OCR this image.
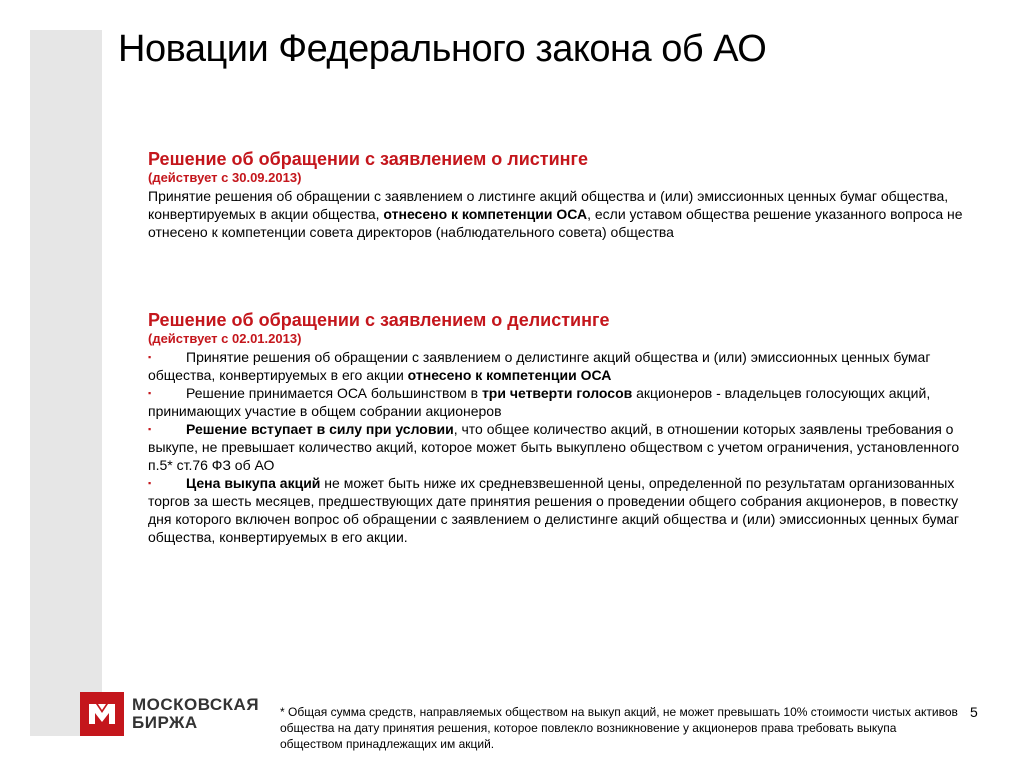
Новации Федерального закона об АО

Решение об обращении с заявлением о листинге

(действует с 30.09.2013)

Принятие решения об обращении с заявлением о листинге акций общества и (или) эмиссионных ценных бумаг общества, конвертируемых в акции общества, отнесено к компетенции ОСА, если уставом общества решение указанного вопроса не отнесено к компетенции совета директоров (наблюдательного совета) общества

Решение об обращении с заявлением о делистинге

(действует с 02.01.2013)

▪ Принятие решения об обращении с заявлением о делистинге акций общества и (или) эмиссионных ценных бумаг общества, конвертируемых в его акции отнесено к компетенции ОСА

▪ Решение принимается ОСА большинством в три четверти голосов акционеров - владельцев голосующих акций, принимающих участие в общем собрании акционеров

▪ Решение вступает в силу при условии, что общее количество акций, в отношении которых заявлены требования о выкупе, не превышает количество акций, которое может быть выкуплено обществом с учетом ограничения, установленного п.5* ст.76 ФЗ об АО

▪ Цена выкупа акций не может быть ниже их средневзвешенной цены, определенной по результатам организованных торгов за шесть месяцев, предшествующих дате принятия решения о проведении общего собрания акционеров, в повестку дня которого включен вопрос об обращении с заявлением о делистинге акций общества и (или) эмиссионных ценных бумаг общества, конвертируемых в его акции.

МОСКОВСКАЯ
БИРЖА

* Общая сумма средств, направляемых обществом на выкуп акций, не может превышать 10% стоимости чистых активов общества на дату принятия решения, которое повлекло возникновение у акционеров права требовать выкупа обществом принадлежащих им акций.

5
